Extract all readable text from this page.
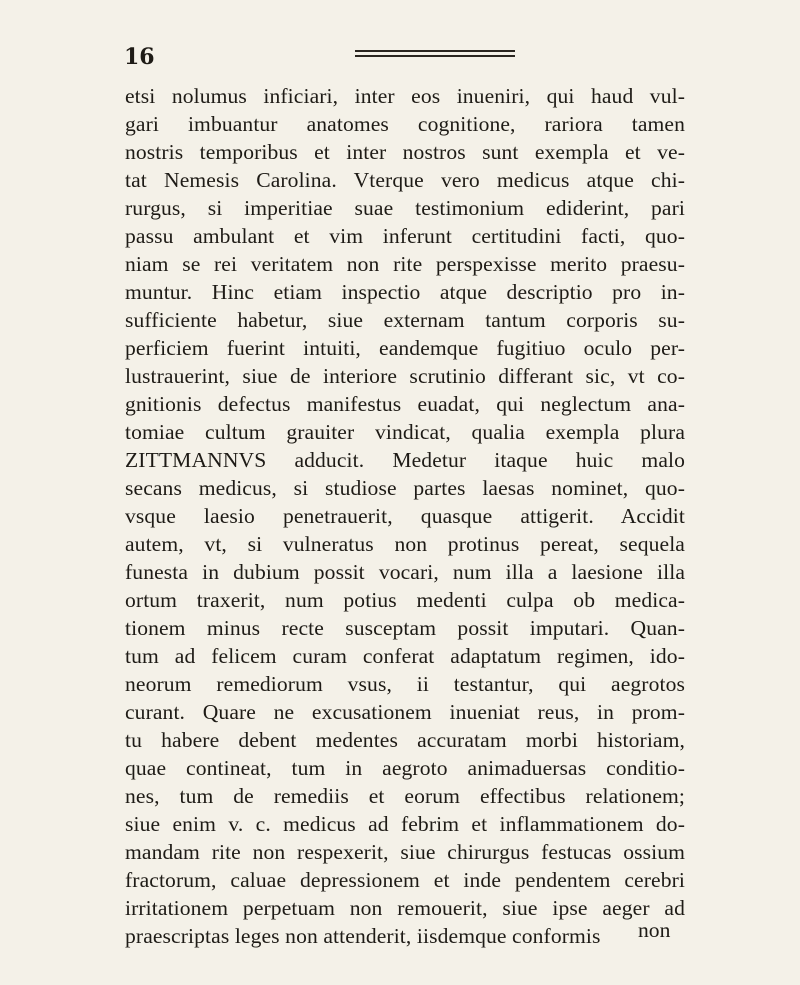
16
etsi nolumus inficiari, inter eos inueniri, qui haud vul-
gari imbuantur anatomes cognitione, rariora tamen
nostris temporibus et inter nostros sunt exempla et ve-
tat Nemesis Carolina. Vterque vero medicus atque chi-
rurgus, si imperitiae suae testimonium ediderint, pari
passu ambulant et vim inferunt certitudini facti, quo-
niam se rei veritatem non rite perspexisse merito praesu-
muntur. Hinc etiam inspectio atque descriptio pro in-
sufficiente habetur, siue externam tantum corporis su-
perficiem fuerint intuiti, eandemque fugitiuo oculo per-
lustrauerint, siue de interiore scrutinio differant sic, vt co-
gnitionis defectus manifestus euadat, qui neglectum ana-
tomiae cultum grauiter vindicat, qualia exempla plura
ZITTMANNVS adducit. Medetur itaque huic malo
secans medicus, si studiose partes laesas nominet, quo-
vsque laesio penetrauerit, quasque attigerit. Accidit
autem, vt, si vulneratus non protinus pereat, sequela
funesta in dubium possit vocari, num illa a laesione illa
ortum traxerit, num potius medenti culpa ob medica-
tionem minus recte susceptam possit imputari. Quan-
tum ad felicem curam conferat adaptatum regimen, ido-
neorum remediorum vsus, ii testantur, qui aegrotos
curant. Quare ne excusationem inueniat reus, in prom-
tu habere debent medentes accuratam morbi historiam,
quae contineat, tum in aegroto animaduersas conditio-
nes, tum de remediis et eorum effectibus relationem;
siue enim v. c. medicus ad febrim et inflammationem do-
mandam rite non respexerit, siue chirurgus festucas ossium
fractorum, caluae depressionem et inde pendentem cerebri
irritationem perpetuam non remouerit, siue ipse aeger ad
praescriptas leges non attenderit, iisdemque conformis	non
